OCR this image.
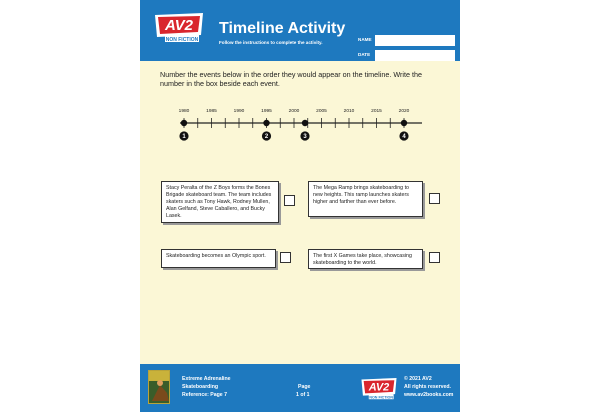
AV2
NON FICTION
Timeline Activity
Follow the instructions to complete the activity.
NAME
DATE
Number the events below in the order they would appear on the timeline. Write the number in the box beside each event.
1980	1985	1990	1995	2000	2005	2010	2015	2020
1	2	3	4
Stacy Peralta of the Z Boys forms the Bones Brigade skateboard team. The team includes skaters such as Tony Hawk, Rodney Mullen, Alan Gelfand, Steve Caballero, and Bucky Lasek.
The Mega Ramp brings skateboarding to new heights. This ramp launches skaters higher and farther than ever before.
Skateboarding becomes an Olympic sport.	The first X Games take place, showcasing skateboarding to the world.
Extreme Adrenaline
Skateboarding
Reference: Page 7
Page
1 of 1
AV2
NON FICTION
© 2021 AV2
All rights reserved.
www.av2books.com
